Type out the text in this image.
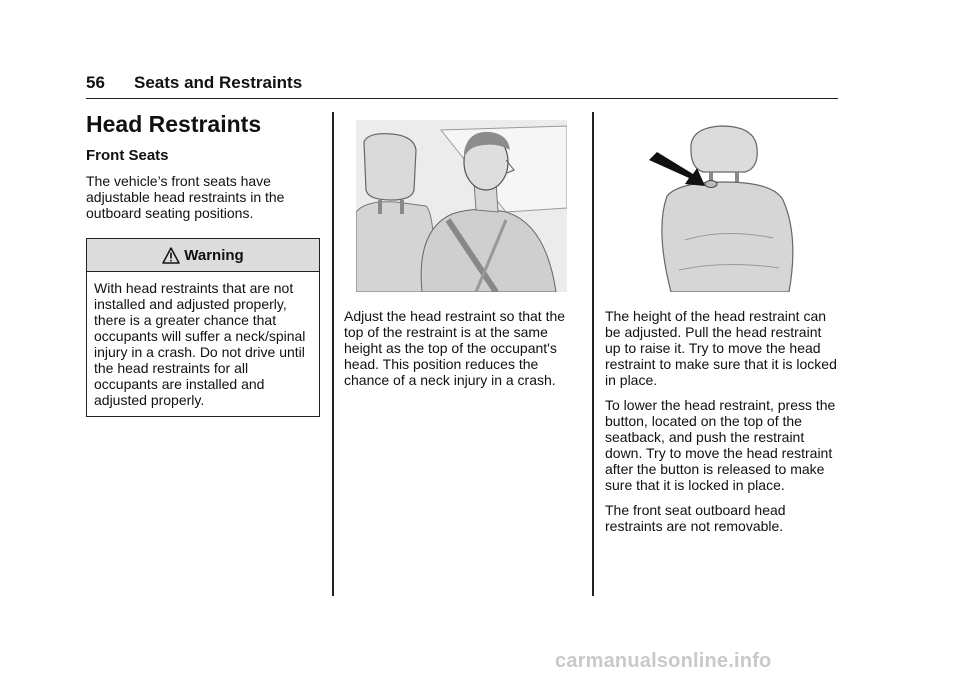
56 Seats and Restraints
Head Restraints
Front Seats

The vehicle’s front seats have adjustable head restraints in the outboard seating positions.

Warning

With head restraints that are not installed and adjusted properly, there is a greater chance that occupants will suffer a neck/spinal injury in a crash. Do not drive until the head restraints for all occupants are installed and adjusted properly.

Adjust the head restraint so that the top of the restraint is at the same height as the top of the occupant's head. This position reduces the chance of a neck injury in a crash.

The height of the head restraint can be adjusted. Pull the head restraint up to raise it. Try to move the head restraint to make sure that it is locked in place.

To lower the head restraint, press the button, located on the top of the seatback, and push the restraint down. Try to move the head restraint after the button is released to make sure that it is locked in place.

The front seat outboard head restraints are not removable.

carmanualsonline.info
